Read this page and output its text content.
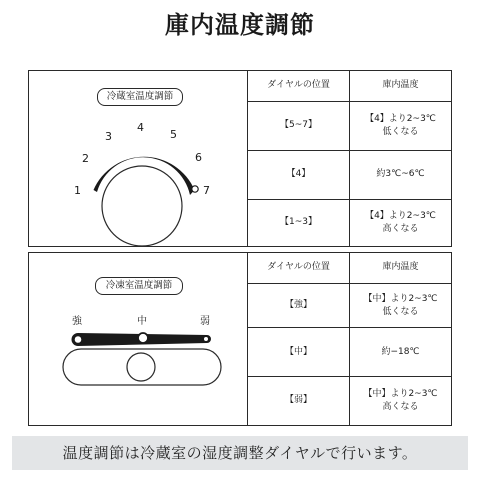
庫内温度調節
冷蔵室温度調節
1
2
3
4
5
6
7
ダイヤルの位置	庫内温度
【5~7】	【4】より2~3℃
低くなる

【4】	約3℃~6℃

【1~3】	【4】より2~3℃
高くなる
冷凍室温度調節
強	中	弱
ダイヤルの位置	庫内温度
【強】	【中】より2~3℃
低くなる

【中】	約−18℃

【弱】	【中】より2~3℃
高くなる
温度調節は冷蔵室の湿度調整ダイヤルで行います。
